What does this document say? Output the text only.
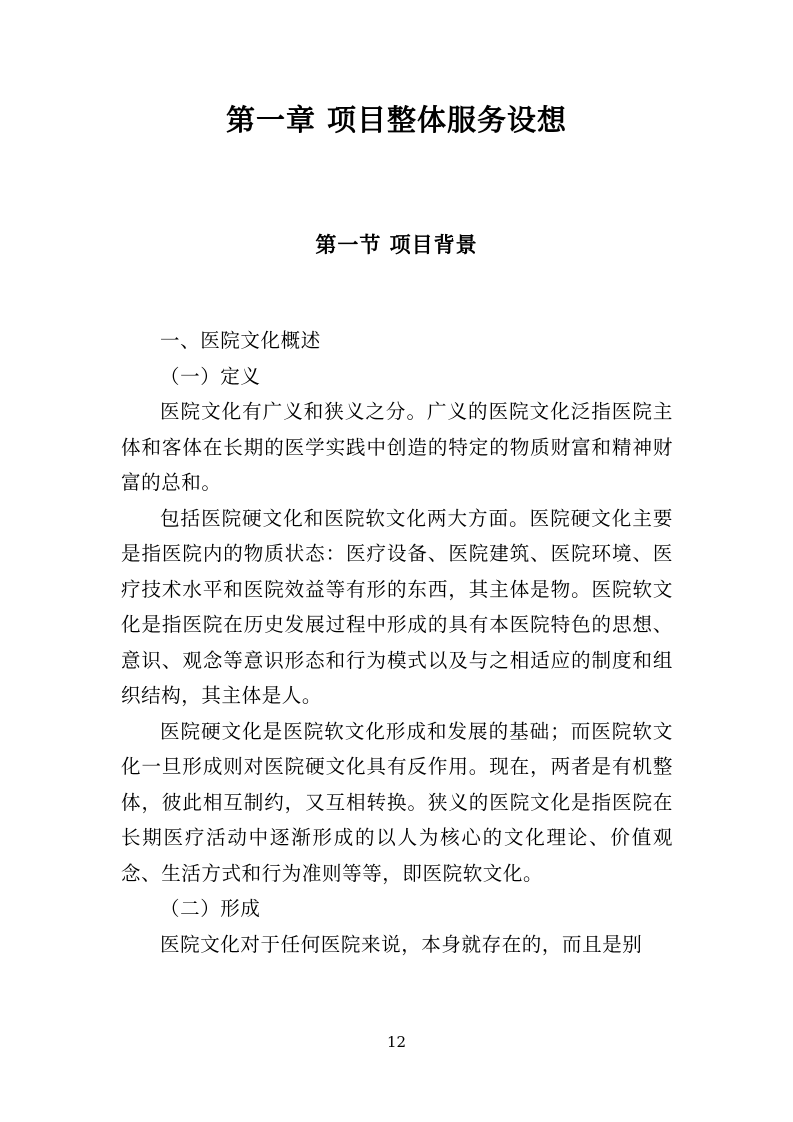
第一章 项目整体服务设想
第一节 项目背景

一、医院文化概述

（一）定义

医院文化有广义和狭义之分。广义的医院文化泛指医院主体和客体在长期的医学实践中创造的特定的物质财富和精神财富的总和。

包括医院硬文化和医院软文化两大方面。医院硬文化主要是指医院内的物质状态：医疗设备、医院建筑、医院环境、医疗技术水平和医院效益等有形的东西，其主体是物。医院软文化是指医院在历史发展过程中形成的具有本医院特色的思想、意识、观念等意识形态和行为模式以及与之相适应的制度和组织结构，其主体是人。

医院硬文化是医院软文化形成和发展的基础；而医院软文化一旦形成则对医院硬文化具有反作用。现在，两者是有机整体，彼此相互制约，又互相转换。狭义的医院文化是指医院在长期医疗活动中逐渐形成的以人为核心的文化理论、价值观念、生活方式和行为准则等等，即医院软文化。

（二）形成

医院文化对于任何医院来说，本身就存在的，而且是别

12
